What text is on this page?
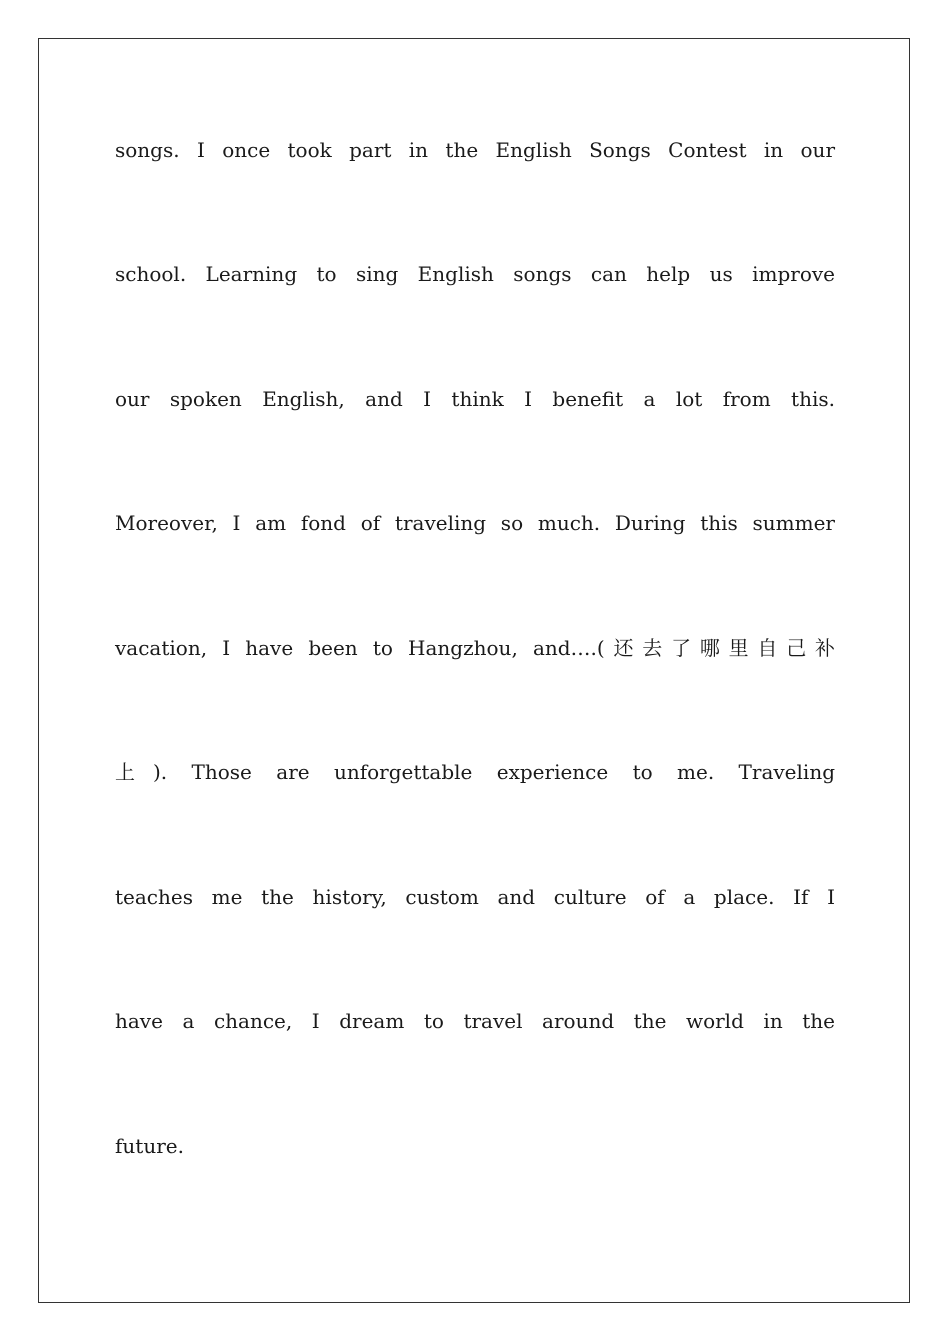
songs. I once took part in the English Songs Contest in our
school. Learning to sing English songs can help us improve
our spoken English, and I think I benefit a lot from this.
Moreover, I am fond of traveling so much. During this summer
vacation, I have been to Hangzhou, and….(还去了哪里自己补
上). Those are unforgettable experience to me. Traveling
teaches me the history, custom and culture of a place. If I
have a chance, I dream to travel around the world in the
future.
